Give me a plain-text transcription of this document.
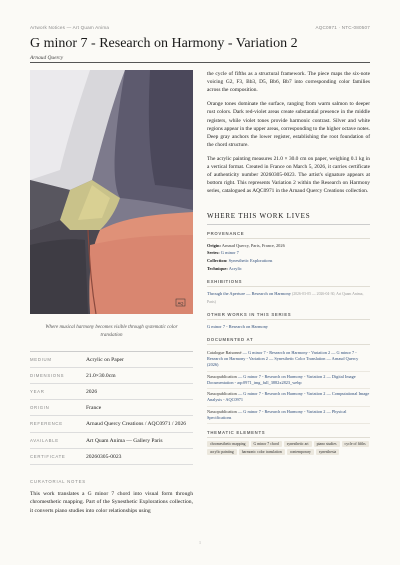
Artwork Notices — Art Quam Anima	AQC0971 · NTC-080507
G minor 7 - Research on Harmony - Variation 2
Arnaud Quercy
AQ
Where musical harmony becomes visible through systematic color translation
MEDIUM	Acrylic on Paper
DIMENSIONS	21.0×30.0cm
YEAR	2026
ORIGIN	France
REFERENCE	Arnaud Quercy Creations / AQC0971 / 2026
AVAILABLE	Art Quam Anima — Gallery Paris
CERTIFICATE	20260305-0023
CURATORIAL NOTES

This work translates a G minor 7 chord into visual form through chromesthetic mapping. Part of the Synesthetic Explorations collection, it converts piano studies into color relationships using

the cycle of fifths as a structural framework. The piece maps the six-note voicing G2, F3, Bb3, D5, Bb6, Bb7 into corresponding color families across the composition.

Orange tones dominate the surface, ranging from warm salmon to deeper rust colors. Dark red-violet areas create substantial presence in the middle registers, while violet tones provide harmonic contrast. Silver and white regions appear in the upper areas, corresponding to the higher octave notes. Deep gray anchors the lower register, establishing the root foundation of the chord structure.

The acrylic painting measures 21.0 × 30.0 cm on paper, weighing 0.1 kg in a vertical format. Created in France on March 5, 2026, it carries certificate of authenticity number 20260305-0023. The artist's signature appears at bottom right. This represents Variation 2 within the Research on Harmony series, catalogued as AQC0971 in the Arnaud Quercy Creations collection.

WHERE THIS WORK LIVES
PROVENANCE
Origin: Arnaud Quercy, Paris, France, 2026
Series: G minor 7
Collection: Synesthetic Explorations
Technique: Acrylic
EXHIBITIONS
Through the Aperture — Research on Harmony (2026-03-05 — 2026-04-30, Art Quam Anima, Paris)
OTHER WORKS IN THIS SERIES
G minor 7 - Research on Harmony
DOCUMENTED AT
Catalogue Raisonné — G minor 7 - Research on Harmony - Variation 2 — G minor 7 - Research on Harmony - Variation 2 — Synesthetic Color Translation — Arnaud Quercy (2026)
Nassopublication — G minor 7 - Research on Harmony - Variation 2 — Digital Image Documentation - aqc0971_img_full_3882x2823_webp
Nassopublication — G minor 7 - Research on Harmony - Variation 2 — Computational Image Analysis - AQC0971
Nassopublication — G minor 7 - Research on Harmony - Variation 2 — Physical Specifications
THEMATIC ELEMENTS
chromesthetic mapping	G minor 7 chord	synesthetic art	piano studies	cycle of fifths
acrylic painting	harmonic color translation	contemporary	synesthesia
1
